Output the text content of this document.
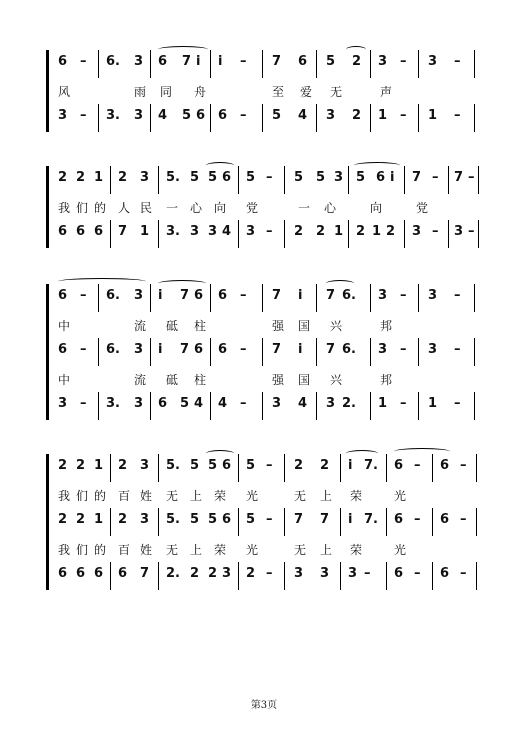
6 – 6. 3 6 7 i i – 7 6 5 2 3 – 3 –
风	雨 同 舟	至 爱 无	声
3 – 3. 3 4 5 6 6 – 5 4 3 2 1 – 1 –
2 2 1 2 3 5. 5 5 6 5 – 5 5 3 5 6 i 7 – 7 –
我 们 的 人 民 一 心 向 党	一 心	向	党
6 6 6 7 1 3. 3 3 4 3 – 2 2 1 2 1 2 3 – 3 –
6 – 6. 3 i 7 6 6 – 7 i 7 6. 3 – 3 –
中	流 砥 柱	强 国 兴	邦
6 – 6. 3 i 7 6 6 – 7 i 7 6. 3 – 3 –
中	流 砥 柱	强 国 兴	邦
3 – 3. 3 6 5 4 4 – 3 4 3 2. 1 – 1 –
2 2 1 2 3 5. 5 5 6 5 – 2 2 i 7. 6 – 6 –
我 们 的 百 姓 无 上 荣 光	无 上 荣	光
2 2 1 2 3 5. 5 5 6 5 – 7 7 i 7. 6 – 6 –
我 们 的 百 姓 无 上 荣 光	无 上 荣	光
6 6 6 6 7 2. 2 2 3 2 – 3 3 3 – 6 – 6 –
第3页
